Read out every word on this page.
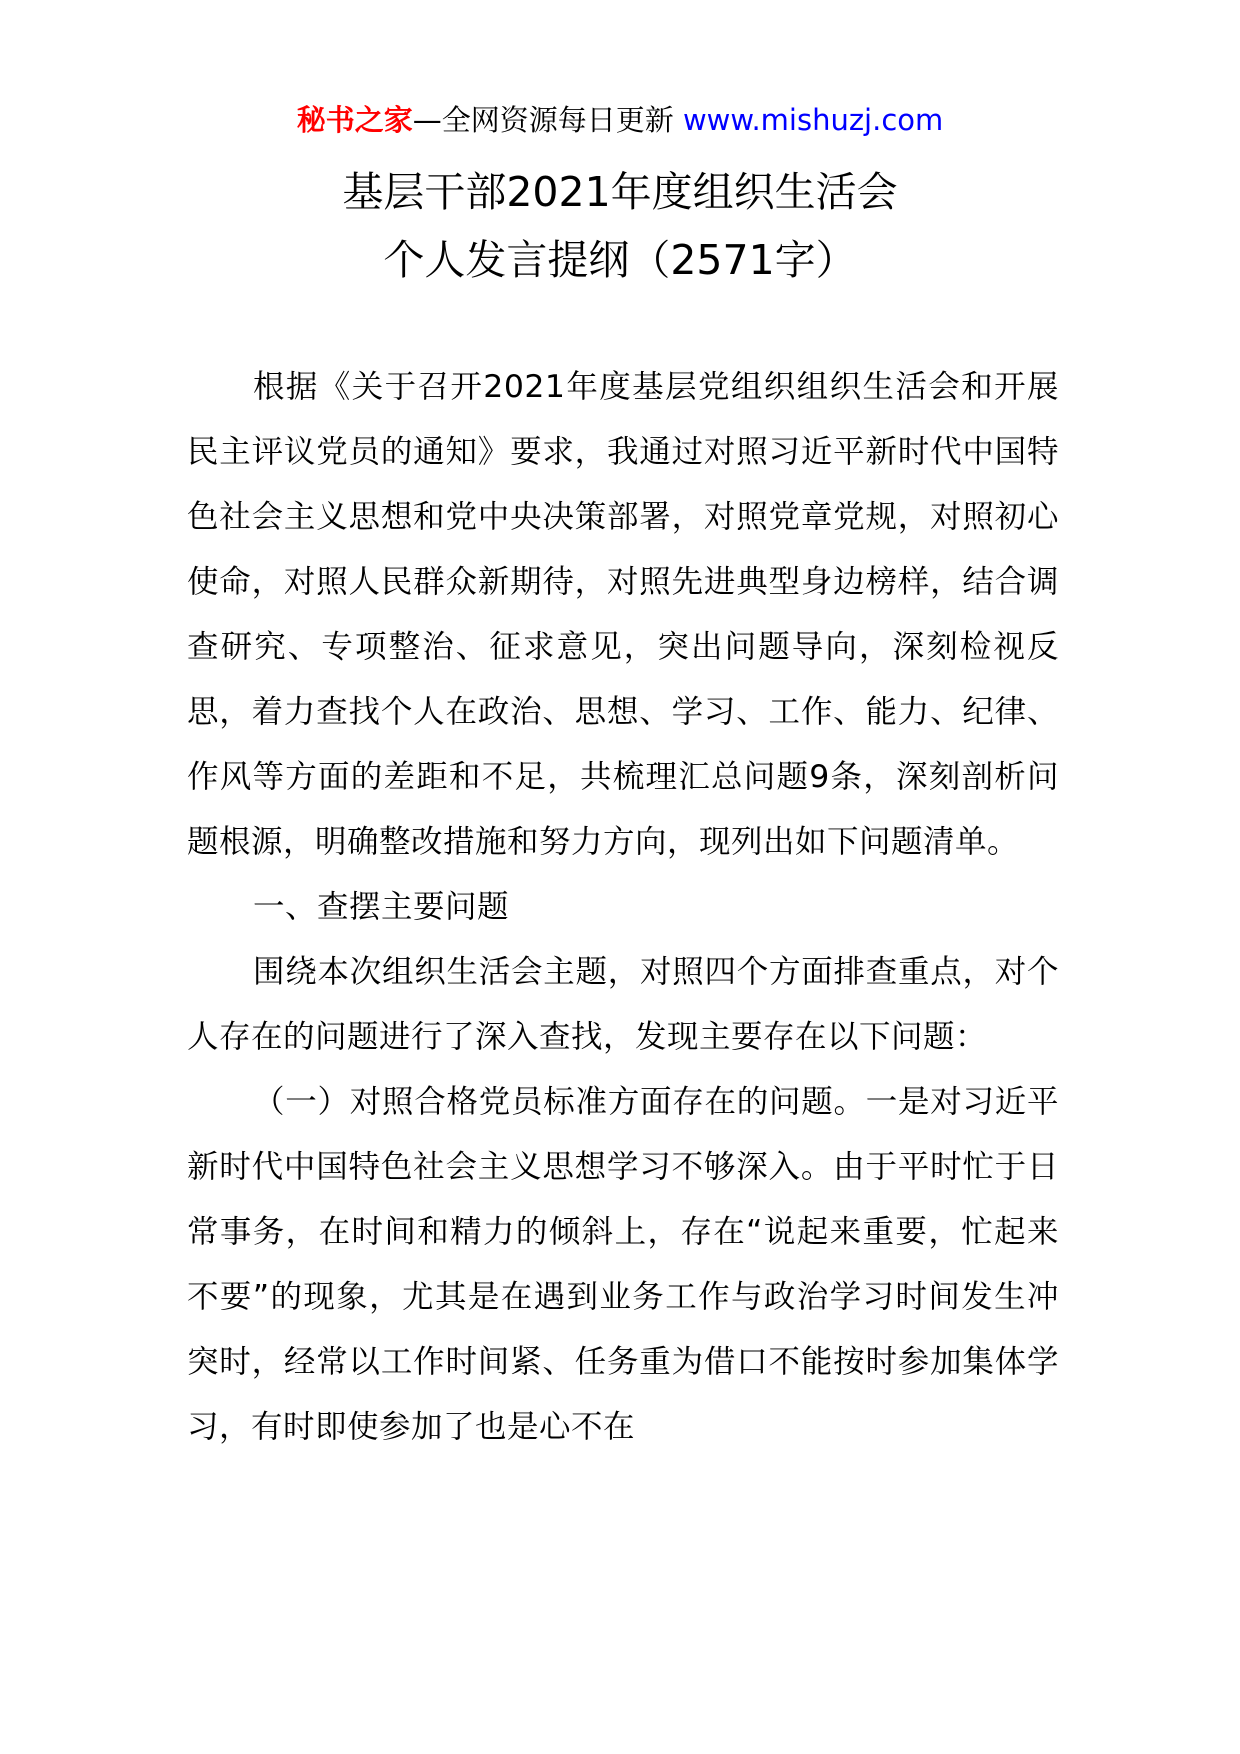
秘书之家—全网资源每日更新 www.mishuzj.com
基层干部2021年度组织生活会
个人发言提纲（2571字）

根据《关于召开2021年度基层党组织组织生活会和开展民主评议党员的通知》要求，我通过对照习近平新时代中国特色社会主义思想和党中央决策部署，对照党章党规，对照初心使命，对照人民群众新期待，对照先进典型身边榜样，结合调查研究、专项整治、征求意见，突出问题导向，深刻检视反思，着力查找个人在政治、思想、学习、工作、能力、纪律、作风等方面的差距和不足，共梳理汇总问题9条，深刻剖析问题根源，明确整改措施和努力方向，现列出如下问题清单。

一、查摆主要问题

围绕本次组织生活会主题，对照四个方面排查重点，对个人存在的问题进行了深入查找，发现主要存在以下问题：

（一）对照合格党员标准方面存在的问题。一是对习近平新时代中国特色社会主义思想学习不够深入。由于平时忙于日常事务，在时间和精力的倾斜上，存在“说起来重要，忙起来不要”的现象，尤其是在遇到业务工作与政治学习时间发生冲突时，经常以工作时间紧、任务重为借口不能按时参加集体学习，有时即使参加了也是心不在
